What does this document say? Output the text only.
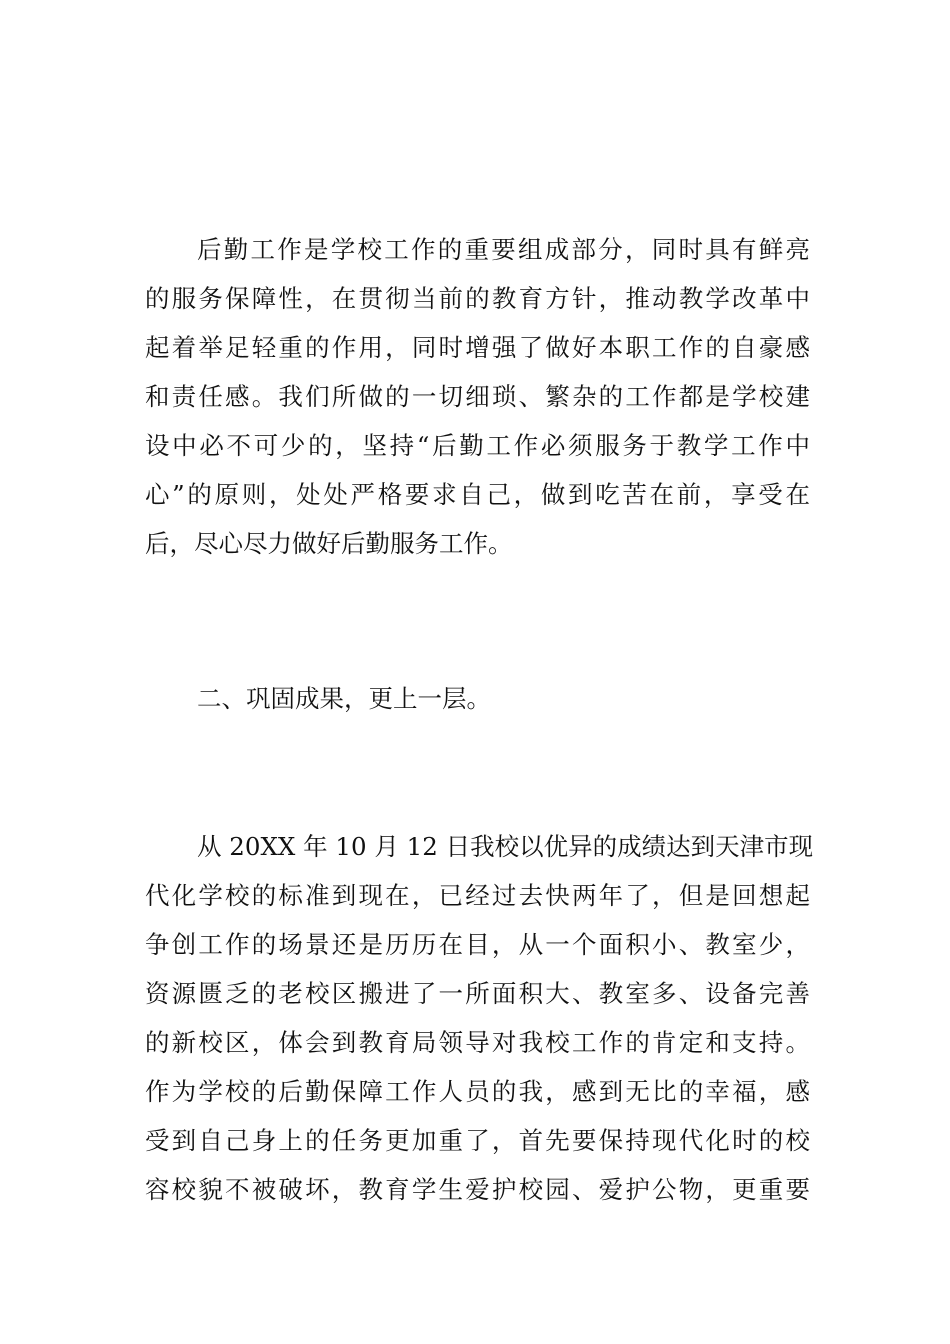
后勤工作是学校工作的重要组成部分，同时具有鲜亮
的服务保障性，在贯彻当前的教育方针，推动教学改革中
起着举足轻重的作用，同时增强了做好本职工作的自豪感
和责任感。我们所做的一切细琐、繁杂的工作都是学校建
设中必不可少的，坚持“后勤工作必须服务于教学工作中
心”的原则，处处严格要求自己，做到吃苦在前，享受在
后，尽心尽力做好后勤服务工作。
二、巩固成果，更上一层。
从 20XX 年 10 月 12 日我校以优异的成绩达到天津市现
代化学校的标准到现在，已经过去快两年了，但是回想起
争创工作的场景还是历历在目，从一个面积小、教室少，
资源匮乏的老校区搬进了一所面积大、教室多、设备完善
的新校区，体会到教育局领导对我校工作的肯定和支持。
作为学校的后勤保障工作人员的我，感到无比的幸福，感
受到自己身上的任务更加重了，首先要保持现代化时的校
容校貌不被破坏，教育学生爱护校园、爱护公物，更重要
